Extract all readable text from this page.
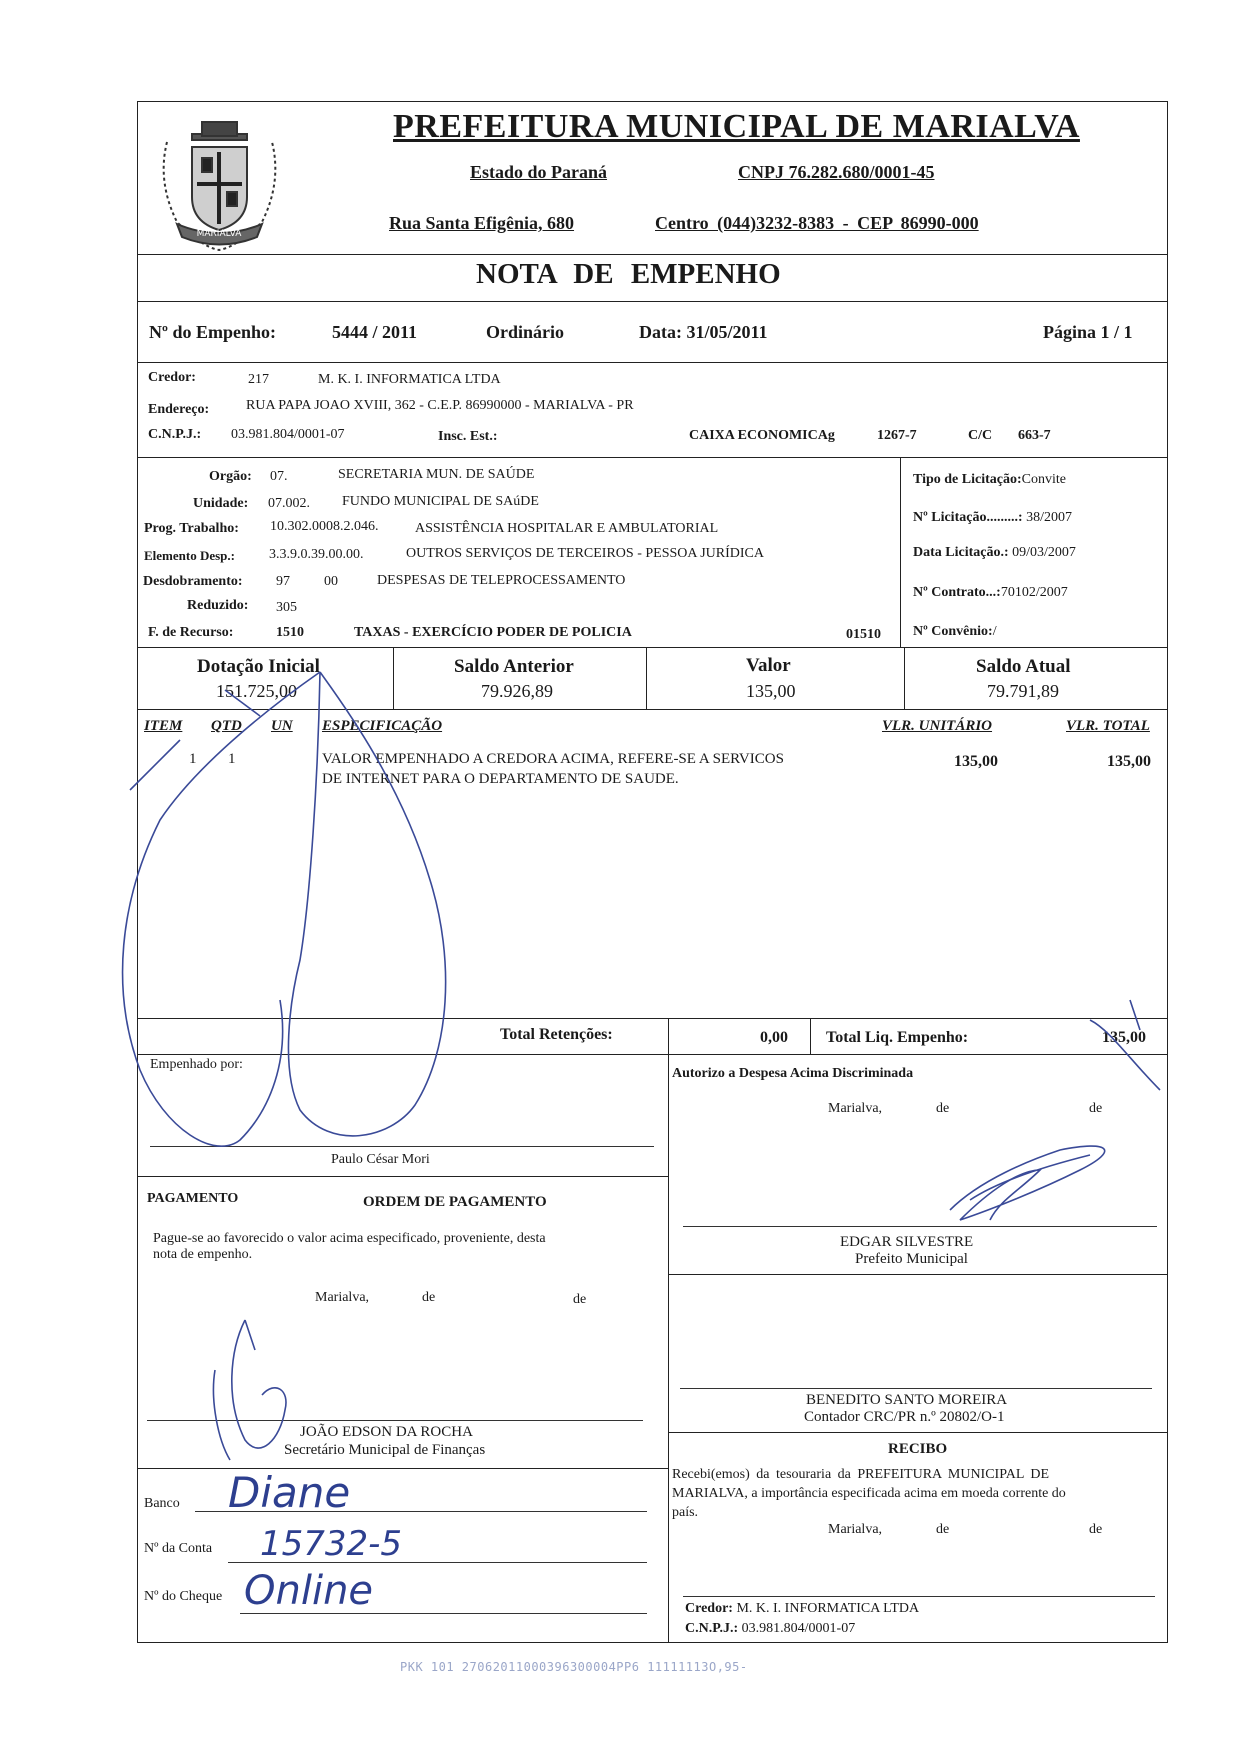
MARIALVA
PREFEITURA MUNICIPAL DE MARIALVA
Estado do Paraná	CNPJ 76.282.680/0001-45
Rua Santa Efigênia, 680	Centro (044)3232-8383 - CEP 86990-000
NOTA DE EMPENHO
Nº do Empenho:	5444 / 2011	Ordinário	Data: 31/05/2011	Página 1 / 1
Credor:	217	M. K. I. INFORMATICA LTDA
Endereço:	RUA PAPA JOAO XVIII, 362 - C.E.P. 86990000 - MARIALVA - PR
C.N.P.J.: 03.981.804/0001-07	Insc. Est.:	CAIXA ECONOMICAg	1267-7	C/C 663-7
Orgão: 07.	SECRETARIA MUN. DE SAÚDE
Unidade: 07.002. FUNDO MUNICIPAL DE SAúDE
Prog. Trabalho: 10.302.0008.2.046.	ASSISTÊNCIA HOSPITALAR E AMBULATORIAL
Elemento Desp.: 3.3.9.0.39.00.00.	OUTROS SERVIÇOS DE TERCEIROS - PESSOA JURÍDICA
Desdobramento: 97 00	DESPESAS DE TELEPROCESSAMENTO
Reduzido: 305
F. de Recurso:	1510	TAXAS - EXERCÍCIO PODER DE POLICIA	01510
Tipo de Licitação:Convite
Nº Licitação.........: 38/2007
Data Licitação.: 09/03/2007
Nº Contrato...:70102/2007
Nº Convênio:/
Dotação Inicial
151.725,00
Saldo Anterior
79.926,89
Valor
135,00
Saldo Atual
79.791,89
ITEM QTD UN ESPECIFICAÇÃO	VLR. UNITÁRIO	VLR. TOTAL
1 1	VALOR EMPENHADO A CREDORA ACIMA, REFERE-SE A SERVICOS
DE INTERNET PARA O DEPARTAMENTO DE SAUDE.
135,00	135,00
Total Retenções:	0,00 Total Liq. Empenho:	135,00
Empenhado por:
Paulo César Mori
Autorizo a Despesa Acima Discriminada
Marialva,	de	de
EDGAR SILVESTRE
Prefeito Municipal
PAGAMENTO	ORDEM DE PAGAMENTO
Pague-se ao favorecido o valor acima especificado, proveniente, desta
nota de empenho.
Marialva,	de	de
JOÃO EDSON DA ROCHA
Secretário Municipal de Finanças
BENEDITO SANTO MOREIRA
Contador CRC/PR n.º 20802/O-1
RECIBO
Recebi(emos) da tesouraria da PREFEITURA MUNICIPAL DE
MARIALVA, a importância especificada acima em moeda corrente do
país.
Marialva,	de	de
Credor: M. K. I. INFORMATICA LTDA
C.N.P.J.: 03.981.804/0001-07
Banco Diane
Nº da Conta 15732-5
Nº do Cheque Online
PKK 101 27062011000396300004PP6 11111113O,95-
